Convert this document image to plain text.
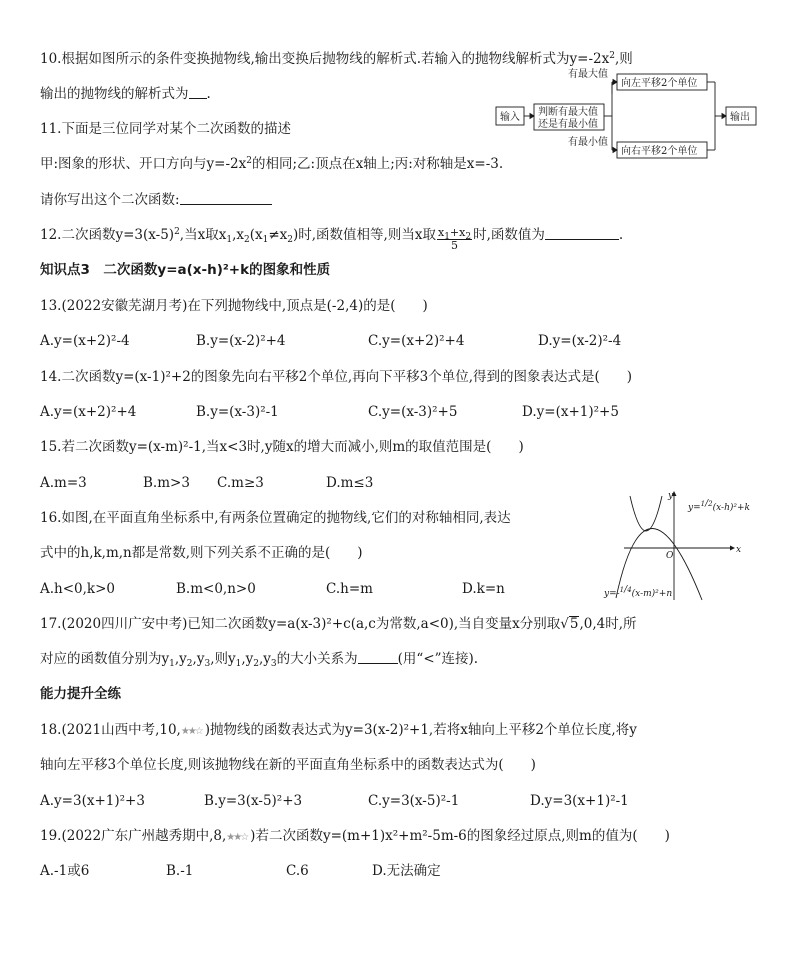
10.根据如图所示的条件变换抛物线,输出变换后抛物线的解析式.若输入的抛物线解析式为$y=-2x^2$,则
输出的抛物线的解析式为 .
输入 判断有最大值
还是有最小值
有最大值
有最小值
向左平移2个单位
向右平移2个单位
输出
11.下面是三位同学对某个二次函数的描述
甲:图象的形状、开口方向与$y=-2x^2$的相同;乙:顶点在x轴上;丙:对称轴是x=-3.
请你写出这个二次函数:
12.二次函数$y=3(x-5)^2$,当x取$x_1,x_2(x_1\ne x_2)$时,函数值相等,则当x取 $\frac{x_1+x_2}{5}$ 时,函数值为	.
知识点3　二次函数y=a(x-h)²+k的图象和性质
13.(2022安徽芜湖月考)在下列抛物线中,顶点是(-2,4)的是(　　)
A.y=(x+2)²-4	B.y=(x-2)²+4	C.y=(x+2)²+4	D.y=(x-2)²-4
14.二次函数y=(x-1)²+2的图象先向右平移2个单位,再向下平移3个单位,得到的图象表达式是(　　)
A.y=(x+2)²+4	B.y=(x-3)²-1	C.y=(x-3)²+5	D.y=(x+1)²+5
15.若二次函数y=(x-m)²-1,当x<3时,y随x的增大而减小,则m的取值范围是(　　)
A.m=3	B.m>3 C.m≥3	D.m≤3
16.如图,在平面直角坐标系中,有两条位置确定的抛物线,它们的对称轴相同,表达
式中的h,k,m,n都是常数,则下列关系不正确的是(　　)
A.h<0,k>0	B.m<0,n>0	C.h=m	D.k=n
y
x
O
y=$^1$/2(x-h)²+k
y=-$^1$/4(x-m)²+n
17.(2020四川广安中考)已知二次函数y=a(x-3)²+c(a,c为常数,a<0),当自变量x分别取√5,0,4时,所
对应的函数值分别为$y_1,y_2,y_3$,则$y_1,y_2,y_3$的大小关系为	(用“<”连接).
能力提升全练
18.(2021山西中考,10,★★☆ )抛物线的函数表达式为y=3(x-2)²+1,若将x轴向上平移2个单位长度,将y
轴向左平移3个单位长度,则该抛物线在新的平面直角坐标系中的函数表达式为(　　)
A.y=3(x+1)²+3	B.y=3(x-5)²+3	C.y=3(x-5)²-1	D.y=3(x+1)²-1
19.(2022广东广州越秀期中,8,★★☆ )若二次函数y=(m+1)x²+m²-5m-6的图象经过原点,则m的值为(　　)
A.-1或6	B.-1	C.6	D.无法确定
